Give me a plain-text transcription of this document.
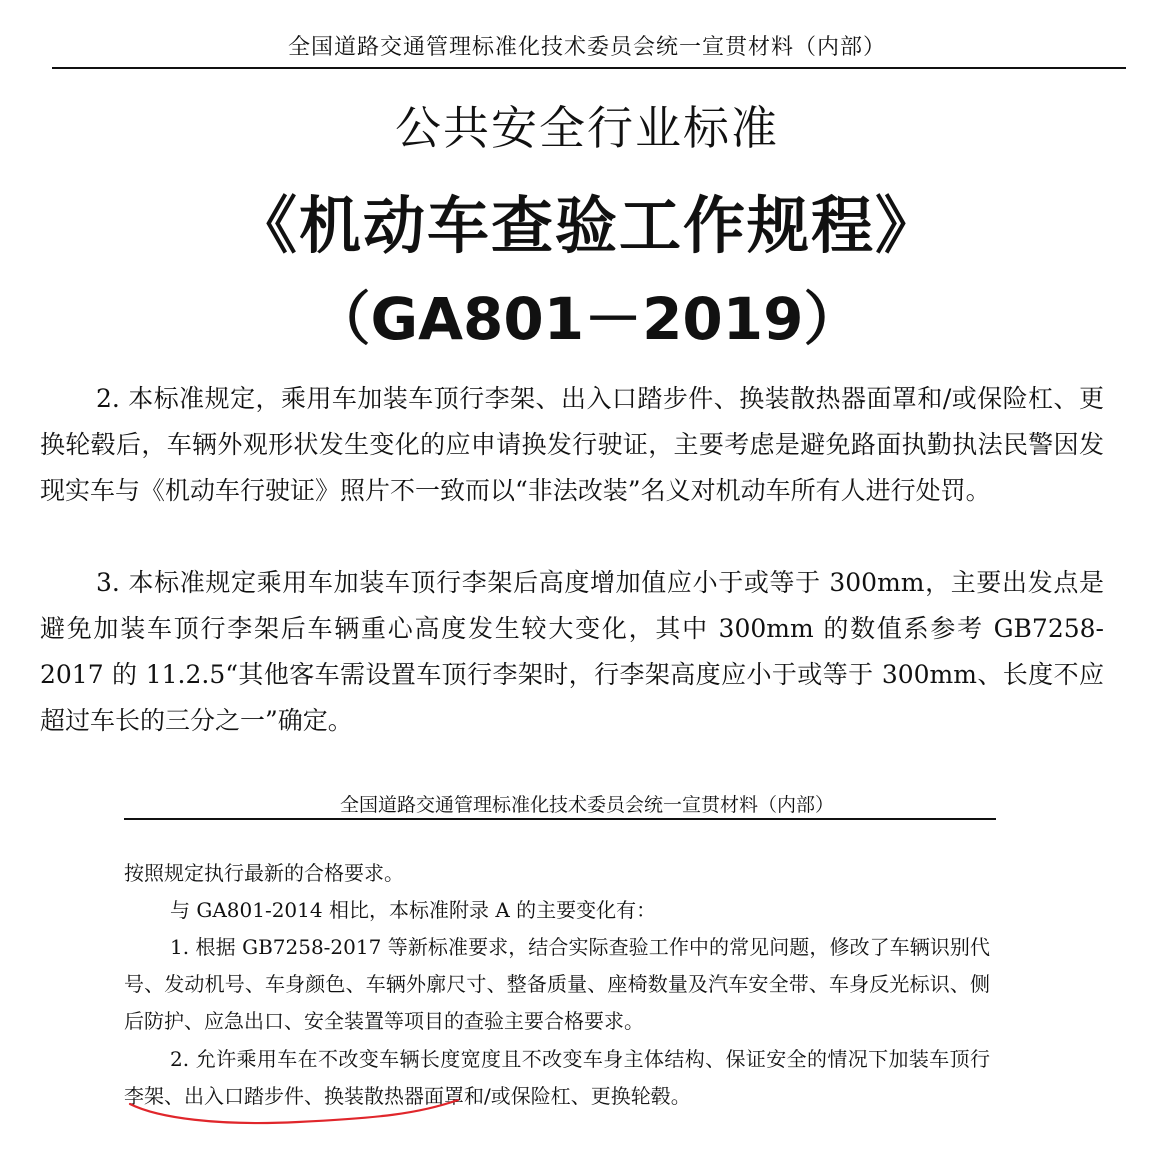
全国道路交通管理标准化技术委员会统一宣贯材料（内部）
公共安全行业标准
《机动车查验工作规程》
（GA801－2019）
2. 本标准规定，乘用车加装车顶行李架、出入口踏步件、换装散热器面罩和/或保险杠、更换轮毂后，车辆外观形状发生变化的应申请换发行驶证，主要考虑是避免路面执勤执法民警因发现实车与《机动车行驶证》照片不一致而以“非法改装”名义对机动车所有人进行处罚。
3. 本标准规定乘用车加装车顶行李架后高度增加值应小于或等于 300mm，主要出发点是避免加装车顶行李架后车辆重心高度发生较大变化，其中 300mm 的数值系参考 GB7258-2017 的 11.2.5“其他客车需设置车顶行李架时，行李架高度应小于或等于 300mm、长度不应超过车长的三分之一”确定。
全国道路交通管理标准化技术委员会统一宣贯材料（内部）
按照规定执行最新的合格要求。
与 GA801-2014 相比，本标准附录 A 的主要变化有：
1. 根据 GB7258-2017 等新标准要求，结合实际查验工作中的常见问题，修改了车辆识别代号、发动机号、车身颜色、车辆外廓尺寸、整备质量、座椅数量及汽车安全带、车身反光标识、侧后防护、应急出口、安全装置等项目的查验主要合格要求。
2. 允许乘用车在不改变车辆长度宽度且不改变车身主体结构、保证安全的情况下加装车顶行李架、出入口踏步件、换装散热器面罩和/或保险杠、更换轮毂。
